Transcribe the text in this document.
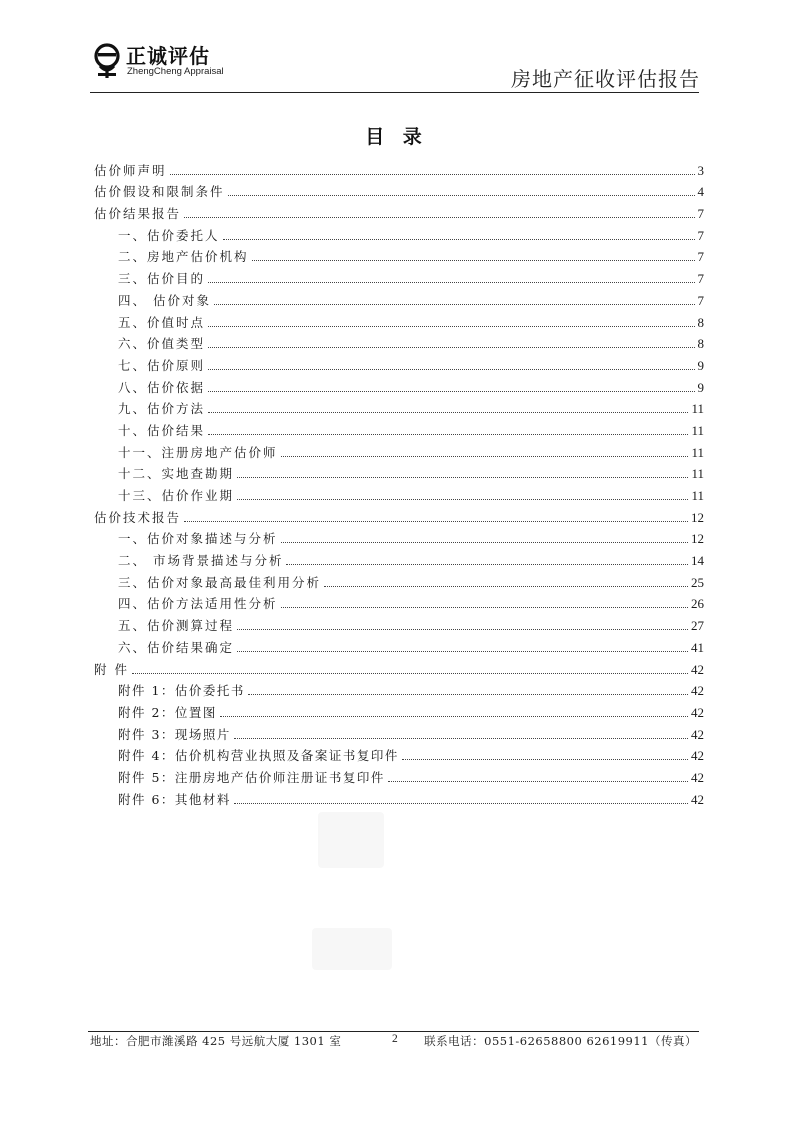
正诚评估
ZhengCheng Appraisal	房地产征收评估报告
目 录
估价师声明	3
估价假设和限制条件	4
估价结果报告	7
一、估价委托人	7
二、房地产估价机构	7
三、估价目的	7
四、 估价对象	7
五、价值时点	8
六、价值类型	8
七、估价原则	9
八、估价依据	9
九、估价方法	11
十、估价结果	11
十一、注册房地产估价师	11
十二、实地查勘期	11
十三、估价作业期	11
估价技术报告	12
一、估价对象描述与分析	12
二、 市场背景描述与分析	14
三、估价对象最高最佳利用分析	25
四、估价方法适用性分析	26
五、估价测算过程	27
六、估价结果确定	41
附 件	42
附件 1：估价委托书	42
附件 2：位置图	42
附件 3：现场照片	42
附件 4：估价机构营业执照及备案证书复印件	42
附件 5：注册房地产估价师注册证书复印件	42
附件 6：其他材料	42
地址：合肥市潍溪路 425 号远航大厦 1301 室	2 联系电话：0551-62658800 62619911（传真）
